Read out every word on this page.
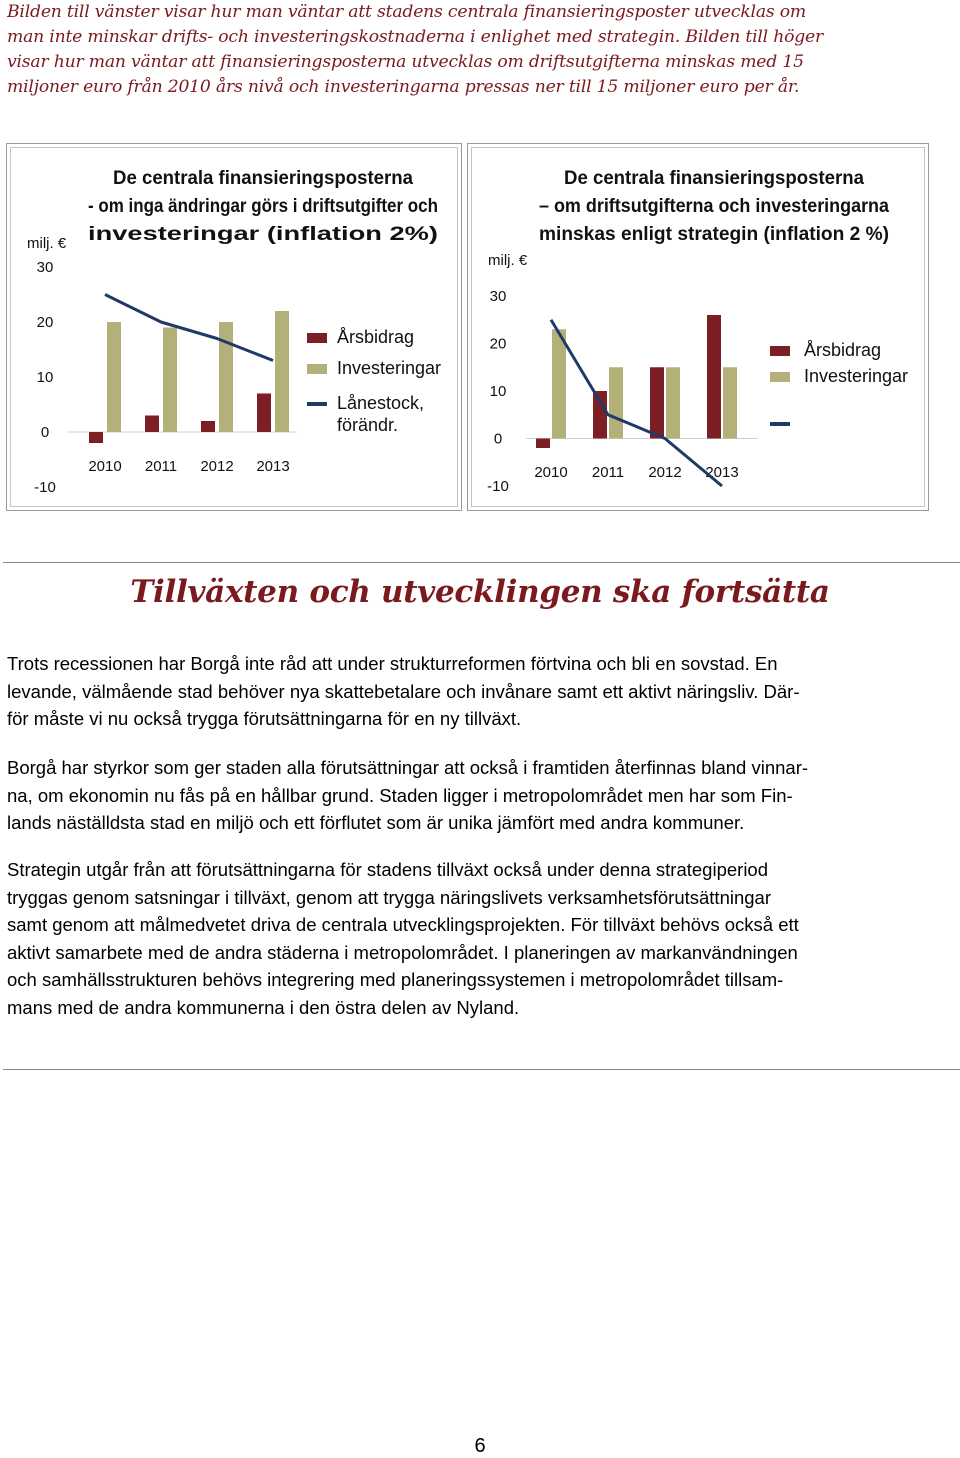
Bilden till vänster visar hur man väntar att stadens centrala finansieringsposter utvecklas om
man inte minskar drifts- och investeringskostnaderna i enlighet med strategin. Bilden till höger
visar hur man väntar att finansieringsposterna utvecklas om driftsutgifterna minskas med 15
miljoner euro från 2010 års nivå och investeringarna pressas ner till 15 miljoner euro per år.
De centrala finansieringsposterna
- om inga ändringar görs i driftsutgifter och
investeringar (inflation 2%)
milj. €
30
20
10
0
-10
2010 2011 2012 2013
Årsbidrag
Investeringar
Lånestock,
förändr.
De centrala finansieringsposterna
– om driftsutgifterna och investeringarna
minskas enligt strategin (inflation 2 %)
milj. €
30
20
10
0
-10
2010 2011 2012 2013
Årsbidrag
Investeringar
Tillväxten och utvecklingen ska fortsätta
Trots recessionen har Borgå inte råd att under strukturreformen förtvina och bli en sovstad. En
levande, välmående stad behöver nya skattebetalare och invånare samt ett aktivt näringsliv. Där-
för måste vi nu också trygga förutsättningarna för en ny tillväxt.
Borgå har styrkor som ger staden alla förutsättningar att också i framtiden återfinnas bland vinnar-
na, om ekonomin nu fås på en hållbar grund. Staden ligger i metropolområdet men har som Fin-
lands näställdsta stad en miljö och ett förflutet som är unika jämfört med andra kommuner.
Strategin utgår från att förutsättningarna för stadens tillväxt också under denna strategiperiod
tryggas genom satsningar i tillväxt, genom att trygga näringslivets verksamhetsförutsättningar
samt genom att målmedvetet driva de centrala utvecklingsprojekten. För tillväxt behövs också ett
aktivt samarbete med de andra städerna i metropolområdet. I planeringen av markanvändningen
och samhällsstrukturen behövs integrering med planeringssystemen i metropolområdet tillsam-
mans med de andra kommunerna i den östra delen av Nyland.
6
